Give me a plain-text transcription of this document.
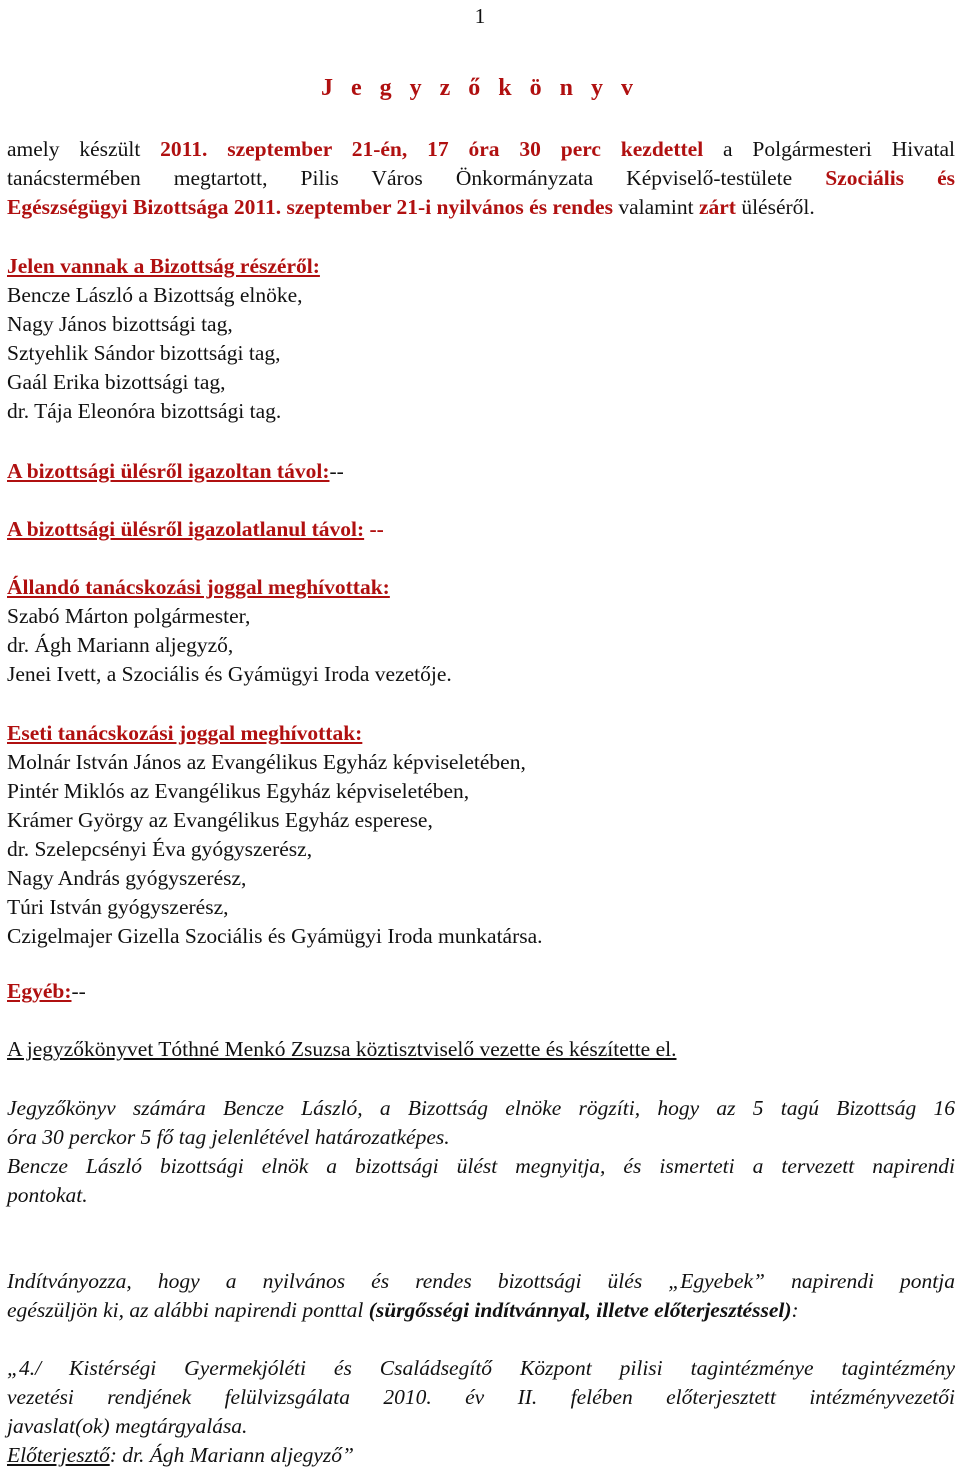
1
J e g y z ő k ö n y v
amely készült 2011. szeptember 21-én, 17 óra 30 perc kezdettel a Polgármesteri Hivatal
tanácstermében megtartott, Pilis Város Önkormányzata Képviselő-testülete Szociális és
Egészségügyi Bizottsága 2011. szeptember 21-i nyilvános és rendes valamint zárt üléséről.
Jelen vannak a Bizottság részéről:
Bencze László a Bizottság elnöke,
Nagy János bizottsági tag,
Sztyehlik Sándor bizottsági tag,
Gaál Erika bizottsági tag,
dr. Tája Eleonóra bizottsági tag.
A bizottsági ülésről igazoltan távol:--
A bizottsági ülésről igazolatlanul távol: --
Állandó tanácskozási joggal meghívottak:
Szabó Márton polgármester,
dr. Ágh Mariann aljegyző,
Jenei Ivett, a Szociális és Gyámügyi Iroda vezetője.
Eseti tanácskozási joggal meghívottak:
Molnár István János az Evangélikus Egyház képviseletében,
Pintér Miklós az Evangélikus Egyház képviseletében,
Krámer György az Evangélikus Egyház esperese,
dr. Szelepcsényi Éva gyógyszerész,
Nagy András gyógyszerész,
Túri István gyógyszerész,
Czigelmajer Gizella Szociális és Gyámügyi Iroda munkatársa.
Egyéb:--
A jegyzőkönyvet Tóthné Menkó Zsuzsa köztisztviselő vezette és készítette el.
Jegyzőkönyv számára Bencze László, a Bizottság elnöke rögzíti, hogy az 5 tagú Bizottság 16
óra 30 perckor 5 fő tag jelenlétével határozatképes.
Bencze László bizottsági elnök a bizottsági ülést megnyitja, és ismerteti a tervezett napirendi
pontokat.
Indítványozza, hogy a nyilvános és rendes bizottsági ülés „Egyebek” napirendi pontja
egészüljön ki, az alábbi napirendi ponttal (sürgősségi indítvánnyal, illetve előterjesztéssel):
„4./ Kistérségi Gyermekjóléti és Családsegítő Központ pilisi tagintézménye tagintézmény
vezetési rendjének felülvizsgálata 2010. év II. felében előterjesztett intézményvezetői
javaslat(ok) megtárgyalása.
Előterjesztő: dr. Ágh Mariann aljegyző”
